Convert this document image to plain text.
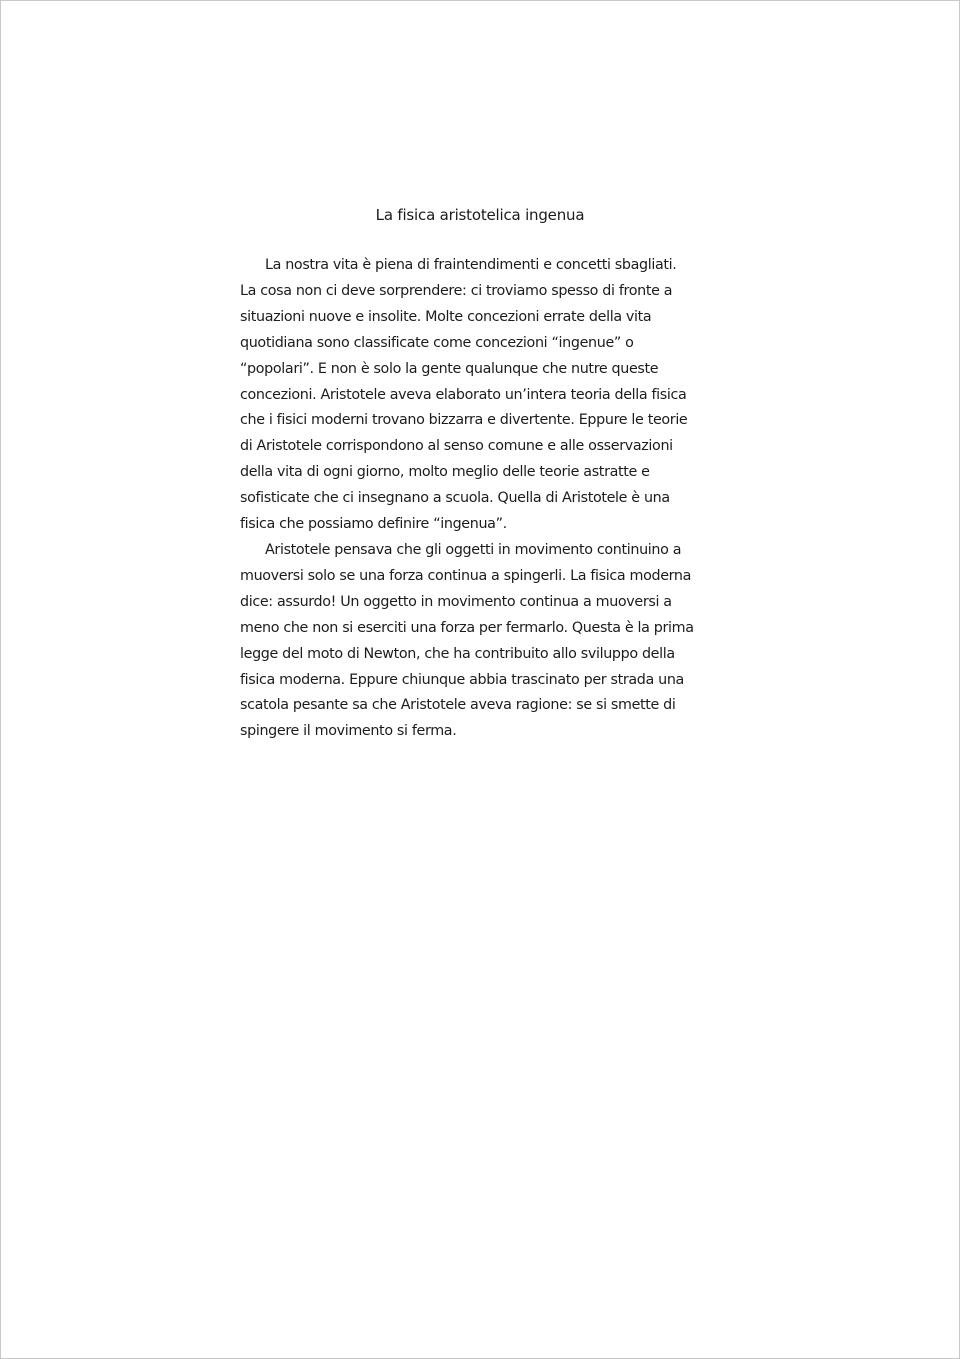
La fisica aristotelica ingenua

La nostra vita è piena di fraintendimenti e concetti sbagliati.
La cosa non ci deve sorprendere: ci troviamo spesso di fronte a
situazioni nuove e insolite. Molte concezioni errate della vita
quotidiana sono classificate come concezioni “ingenue” o
“popolari”. E non è solo la gente qualunque che nutre queste
concezioni. Aristotele aveva elaborato un’intera teoria della fisica
che i fisici moderni trovano bizzarra e divertente. Eppure le teorie
di Aristotele corrispondono al senso comune e alle osservazioni
della vita di ogni giorno, molto meglio delle teorie astratte e
sofisticate che ci insegnano a scuola. Quella di Aristotele è una
fisica che possiamo definire “ingenua”.

Aristotele pensava che gli oggetti in movimento continuino a
muoversi solo se una forza continua a spingerli. La fisica moderna
dice: assurdo! Un oggetto in movimento continua a muoversi a
meno che non si eserciti una forza per fermarlo. Questa è la prima
legge del moto di Newton, che ha contribuito allo sviluppo della
fisica moderna. Eppure chiunque abbia trascinato per strada una
scatola pesante sa che Aristotele aveva ragione: se si smette di
spingere il movimento si ferma.
